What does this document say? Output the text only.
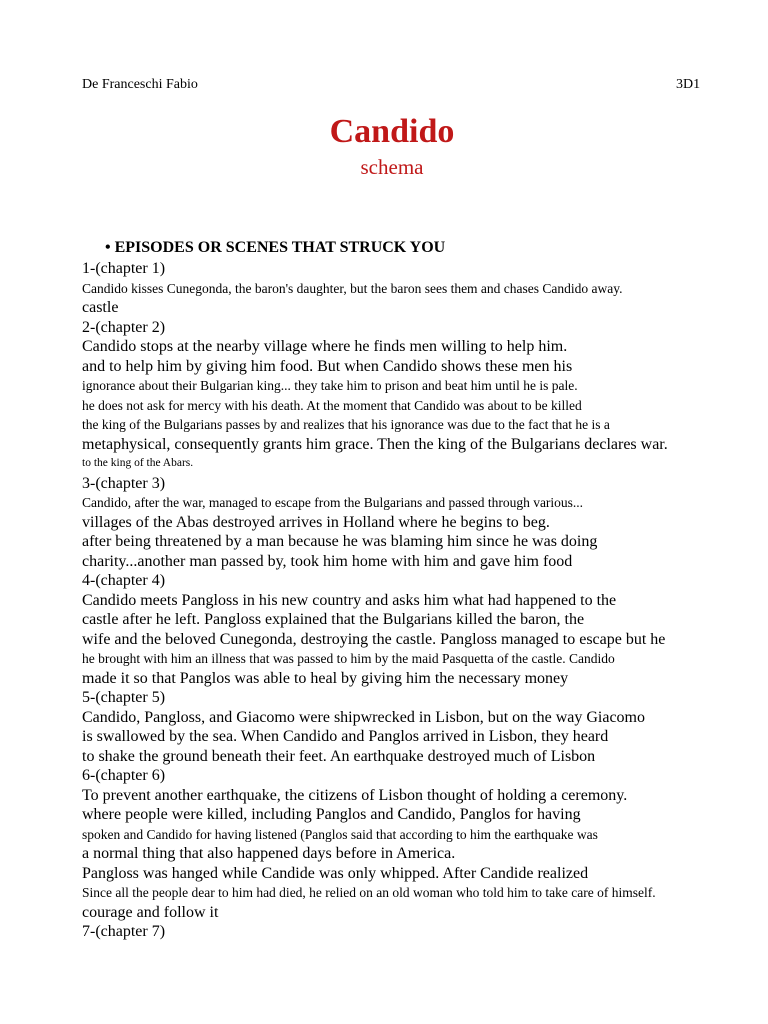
De Franceschi Fabio	3D1
Candido
schema
• EPISODES OR SCENES THAT STRUCK YOU
1-(chapter 1)
Candido kisses Cunegonda, the baron's daughter, but the baron sees them and chases Candido away.
castle
2-(chapter 2)
Candido stops at the nearby village where he finds men willing to help him.
and to help him by giving him food. But when Candido shows these men his
ignorance about their Bulgarian king... they take him to prison and beat him until he is pale.
he does not ask for mercy with his death. At the moment that Candido was about to be killed
the king of the Bulgarians passes by and realizes that his ignorance was due to the fact that he is a
metaphysical, consequently grants him grace. Then the king of the Bulgarians declares war.
to the king of the Abars.
3-(chapter 3)
Candido, after the war, managed to escape from the Bulgarians and passed through various...
villages of the Abas destroyed arrives in Holland where he begins to beg.
after being threatened by a man because he was blaming him since he was doing
charity...another man passed by, took him home with him and gave him food
4-(chapter 4)
Candido meets Pangloss in his new country and asks him what had happened to the
castle after he left. Pangloss explained that the Bulgarians killed the baron, the
wife and the beloved Cunegonda, destroying the castle. Pangloss managed to escape but he
he brought with him an illness that was passed to him by the maid Pasquetta of the castle. Candido
made it so that Panglos was able to heal by giving him the necessary money
5-(chapter 5)
Candido, Pangloss, and Giacomo were shipwrecked in Lisbon, but on the way Giacomo
is swallowed by the sea. When Candido and Panglos arrived in Lisbon, they heard
to shake the ground beneath their feet. An earthquake destroyed much of Lisbon
6-(chapter 6)
To prevent another earthquake, the citizens of Lisbon thought of holding a ceremony.
where people were killed, including Panglos and Candido, Panglos for having
spoken and Candido for having listened (Panglos said that according to him the earthquake was
a normal thing that also happened days before in America.
Pangloss was hanged while Candide was only whipped. After Candide realized
Since all the people dear to him had died, he relied on an old woman who told him to take care of himself.
courage and follow it
7-(chapter 7)
